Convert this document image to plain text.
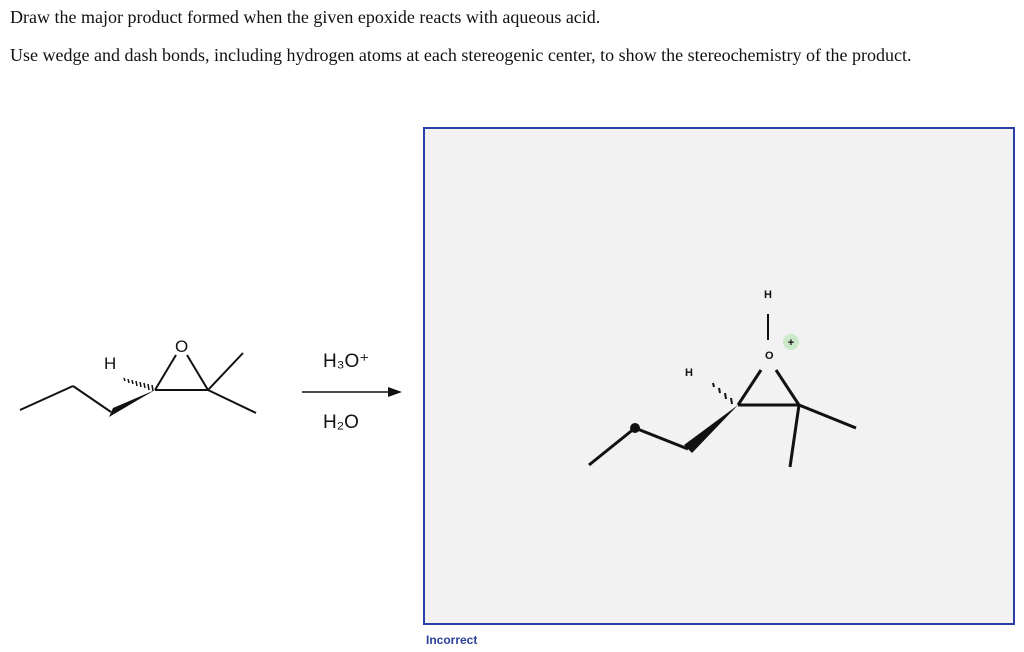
Draw the major product formed when the given epoxide reacts with aqueous acid.
Use wedge and dash bonds, including hydrogen atoms at each stereogenic center, to show the stereochemistry of the product.
H
O
H₃O⁺
H₂O
H
O
H
+
Incorrect
